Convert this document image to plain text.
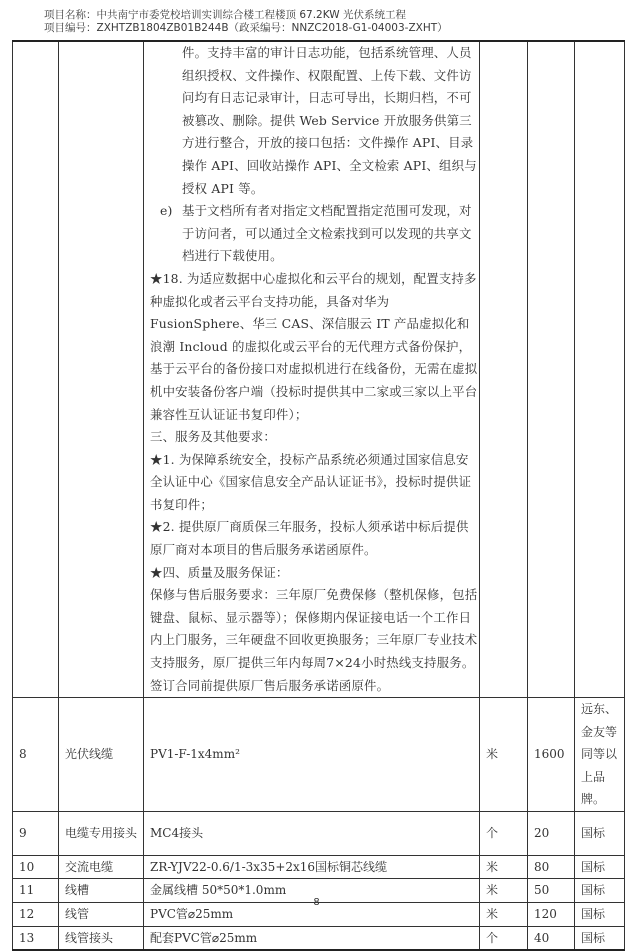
项目名称：中共南宁市委党校培训实训综合楼工程楼顶 67.2KW 光伏系统工程
项目编号：ZXHTZB1804ZB01B244B（政采编号：NNZC2018-G1-04003-ZXHT）

件。支持丰富的审计日志功能，包括系统管理、人员组织授权、文件操作、权限配置、上传下载、文件访问均有日志记录审计，日志可导出，长期归档，不可被篡改、删除。提供 Web Service 开放服务供第三方进行整合，开放的接口包括：文件操作 API、目录操作 API、回收站操作 API、全文检索 API、组织与授权 API 等。
e) 基于文档所有者对指定文档配置指定范围可发现，对于访问者，可以通过全文检索找到可以发现的共享文档进行下载使用。
★18. 为适应数据中心虚拟化和云平台的规划，配置支持多种虚拟化或者云平台支持功能，具备对华为 FusionSphere、华三 CAS、深信服云 IT 产品虚拟化和浪潮 Incloud 的虚拟化或云平台的无代理方式备份保护，基于云平台的备份接口对虚拟机进行在线备份，无需在虚拟机中安装备份客户端（投标时提供其中二家或三家以上平台兼容性互认证证书复印件）；
三、服务及其他要求：
★1. 为保障系统安全，投标产品系统必须通过国家信息安全认证中心《国家信息安全产品认证证书》，投标时提供证书复印件；
★2. 提供原厂商质保三年服务，投标人须承诺中标后提供原厂商对本项目的售后服务承诺函原件。
★四、质量及服务保证：
保修与售后服务要求：三年原厂免费保修（整机保修，包括键盘、鼠标、显示器等）；保修期内保证接电话一个工作日内上门服务，三年硬盘不回收更换服务；三年原厂专业技术支持服务，原厂提供三年内每周7×24小时热线支持服务。签订合同前提供原厂售后服务承诺函原件。

8	光伏线缆	PV1-F-1x4mm²	米	1600	远东、金友等同等以上品牌。
9	电缆专用接头	MC4接头	个	20	国标
10	交流电缆	ZR-YJV22-0.6/1-3x35+2x16国标铜芯线缆	米	80	国标
11	线槽	金属线槽 50*50*1.0mm	米	50	国标
12	线管	PVC管⌀25mm	米	120	国标
13	线管接头	配套PVC管⌀25mm	个	40	国标
8
